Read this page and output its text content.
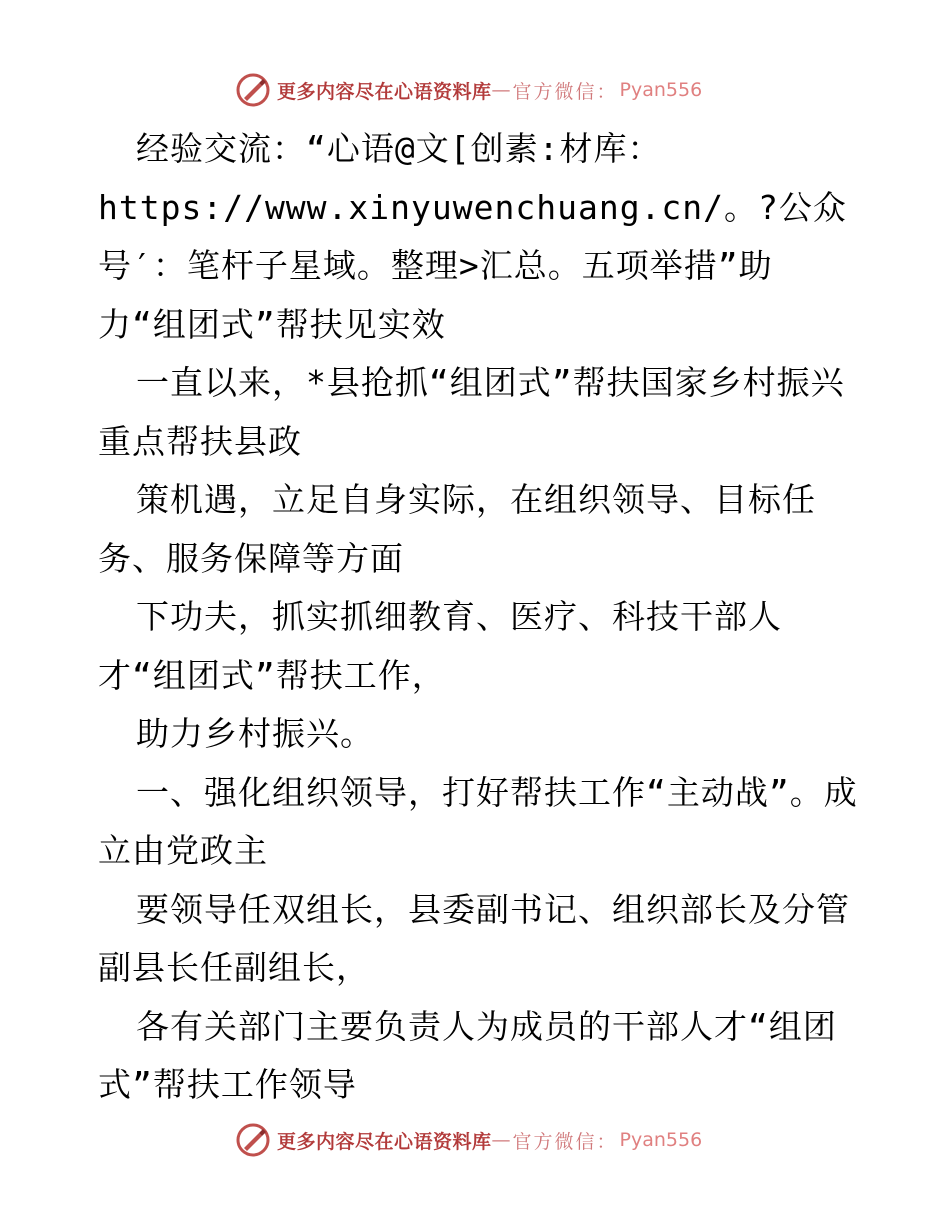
更多内容尽在心语资料库 — 官方微信： Pyan556

经验交流：“心语@文[创素:材库：https://www.xinyuwenchuang.cn/。?公众号′：笔杆子星域。整理>汇总。五项举措”助力“组团式”帮扶见实效

一直以来，*县抢抓“组团式”帮扶国家乡村振兴重点帮扶县政

策机遇，立足自身实际，在组织领导、目标任务、服务保障等方面

下功夫，抓实抓细教育、医疗、科技干部人才“组团式”帮扶工作，

助力乡村振兴。

一、强化组织领导，打好帮扶工作“主动战”。成立由党政主

要领导任双组长，县委副书记、组织部长及分管副县长任副组长，

各有关部门主要负责人为成员的干部人才“组团式”帮扶工作领导

更多内容尽在心语资料库 — 官方微信： Pyan556
